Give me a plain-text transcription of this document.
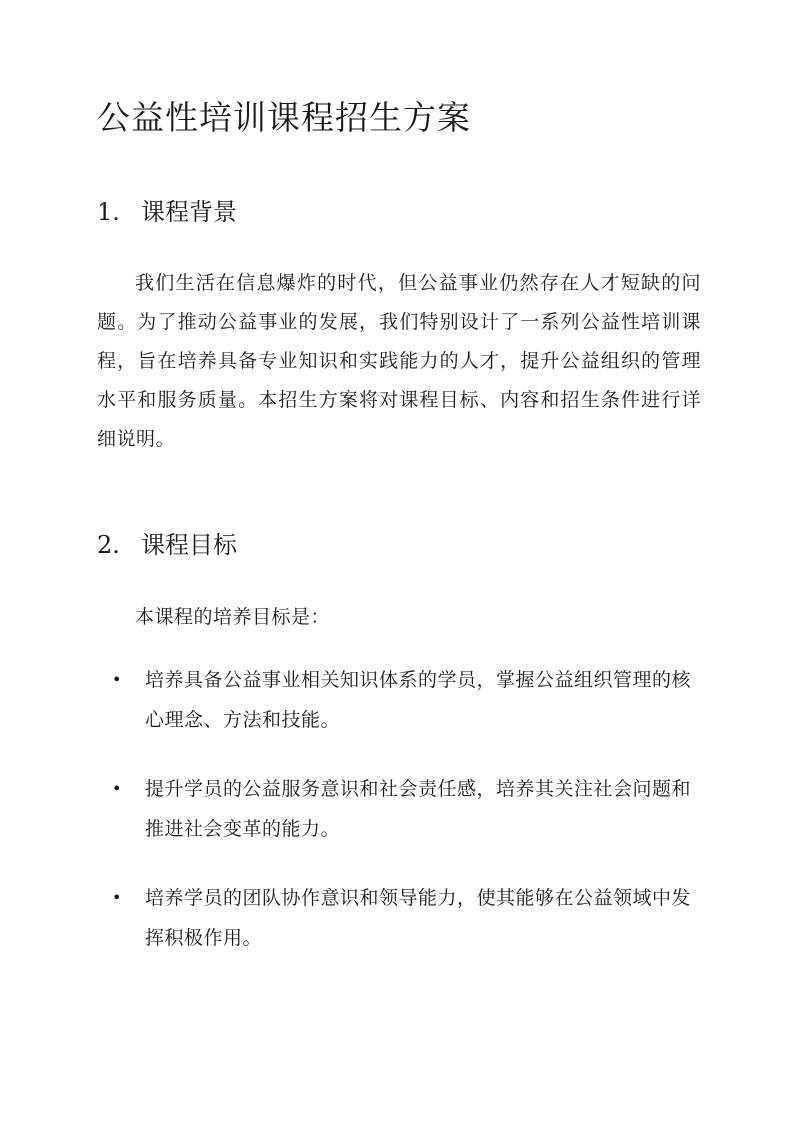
公益性培训课程招生方案
1. 课程背景

我们生活在信息爆炸的时代，但公益事业仍然存在人才短缺的问题。为了推动公益事业的发展，我们特别设计了一系列公益性培训课程，旨在培养具备专业知识和实践能力的人才，提升公益组织的管理水平和服务质量。本招生方案将对课程目标、内容和招生条件进行详细说明。

2. 课程目标

本课程的培养目标是：

• 培养具备公益事业相关知识体系的学员，掌握公益组织管理的核心理念、方法和技能。
• 提升学员的公益服务意识和社会责任感，培养其关注社会问题和推进社会变革的能力。
• 培养学员的团队协作意识和领导能力，使其能够在公益领域中发挥积极作用。
